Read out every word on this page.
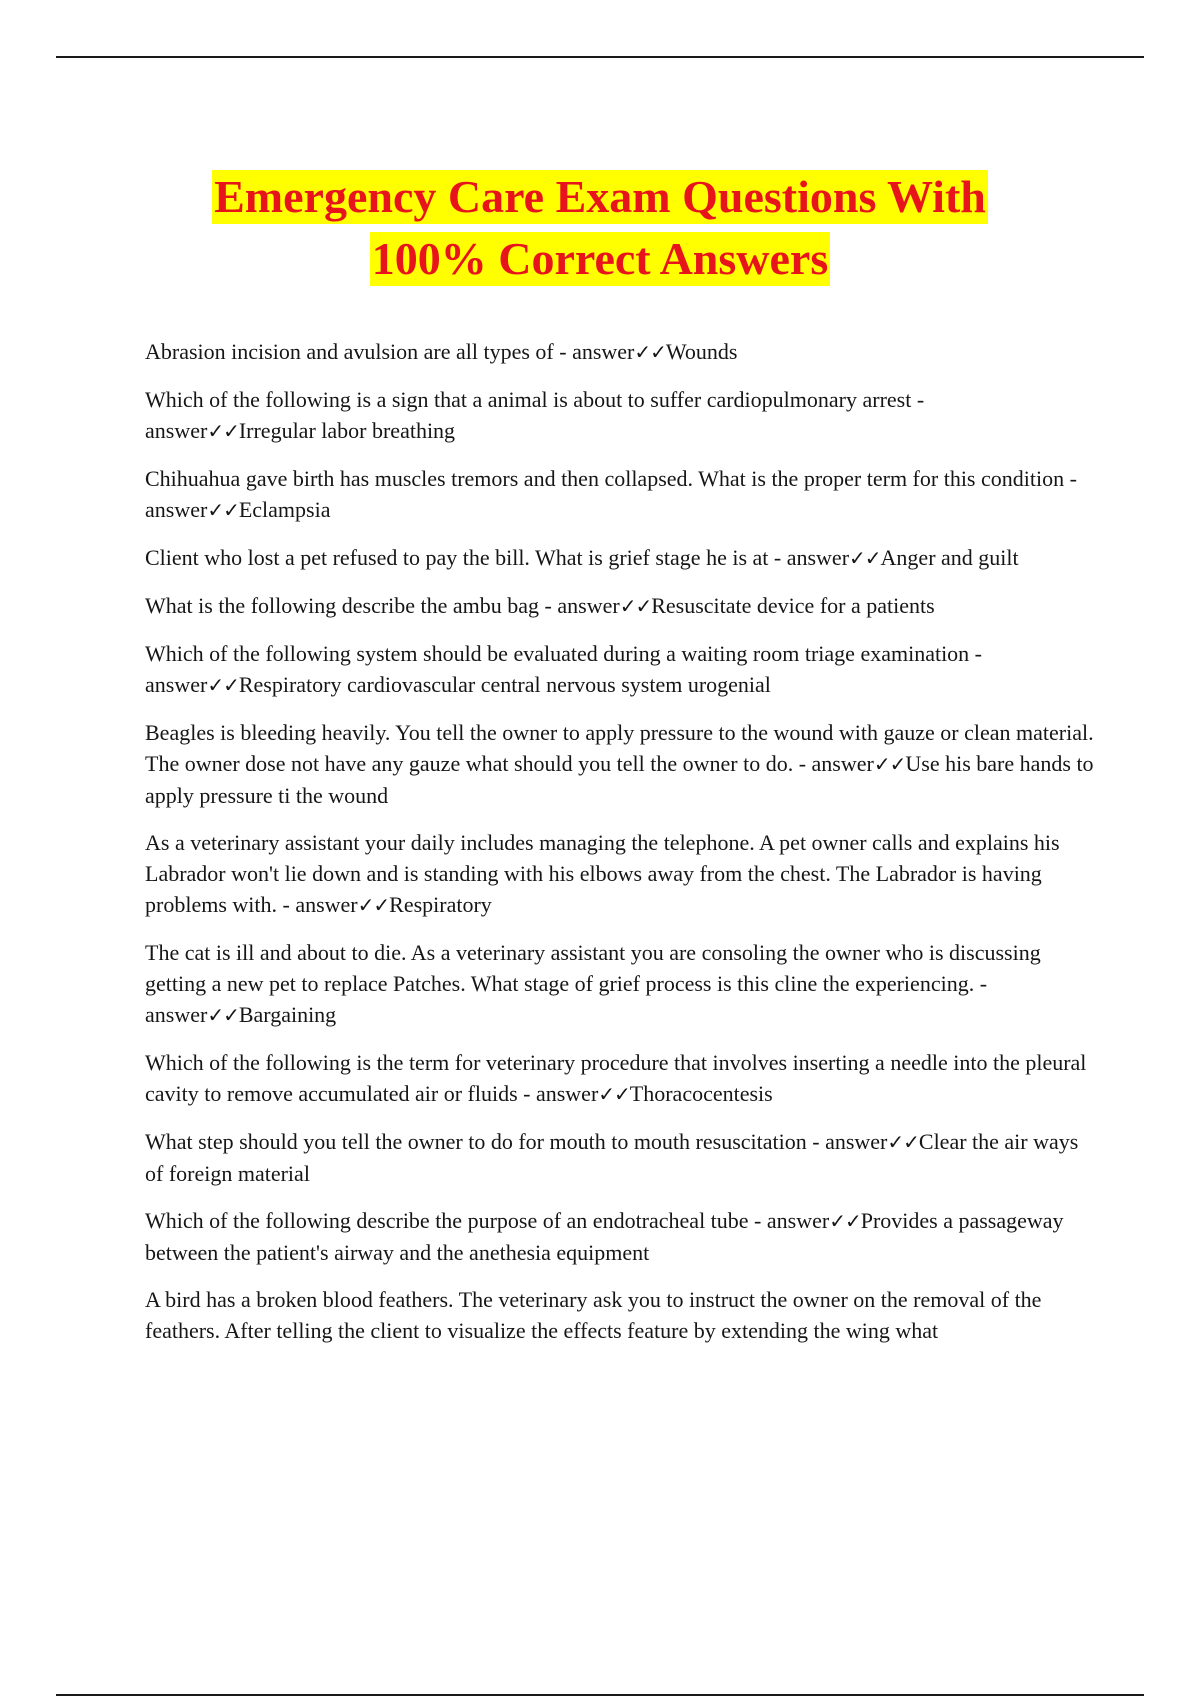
Emergency Care Exam Questions With
100% Correct Answers
Abrasion incision and avulsion are all types of - answer✓✓Wounds
Which of the following is a sign that a animal is about to suffer cardiopulmonary arrest - answer✓✓Irregular labor breathing
Chihuahua gave birth has muscles tremors and then collapsed. What is the proper term for this condition - answer✓✓Eclampsia
Client who lost a pet refused to pay the bill. What is grief stage he is at - answer✓✓Anger and guilt
What is the following describe the ambu bag - answer✓✓Resuscitate device for a patients
Which of the following system should be evaluated during a waiting room triage examination - answer✓✓Respiratory cardiovascular central nervous system urogenial
Beagles is bleeding heavily. You tell the owner to apply pressure to the wound with gauze or clean material. The owner dose not have any gauze what should you tell the owner to do. - answer✓✓Use his bare hands to apply pressure ti the wound
As a veterinary assistant your daily includes managing the telephone. A pet owner calls and explains his Labrador won't lie down and is standing with his elbows away from the chest. The Labrador is having problems with. - answer✓✓Respiratory
The cat is ill and about to die. As a veterinary assistant you are consoling the owner who is discussing getting a new pet to replace Patches. What stage of grief process is this cline the experiencing. - answer✓✓Bargaining
Which of the following is the term for veterinary procedure that involves inserting a needle into the pleural cavity to remove accumulated air or fluids - answer✓✓Thoracocentesis
What step should you tell the owner to do for mouth to mouth resuscitation - answer✓✓Clear the air ways of foreign material
Which of the following describe the purpose of an endotracheal tube - answer✓✓Provides a passageway between the patient's airway and the anethesia equipment
A bird has a broken blood feathers. The veterinary ask you to instruct the owner on the removal of the feathers. After telling the client to visualize the effects feature by extending the wing what
